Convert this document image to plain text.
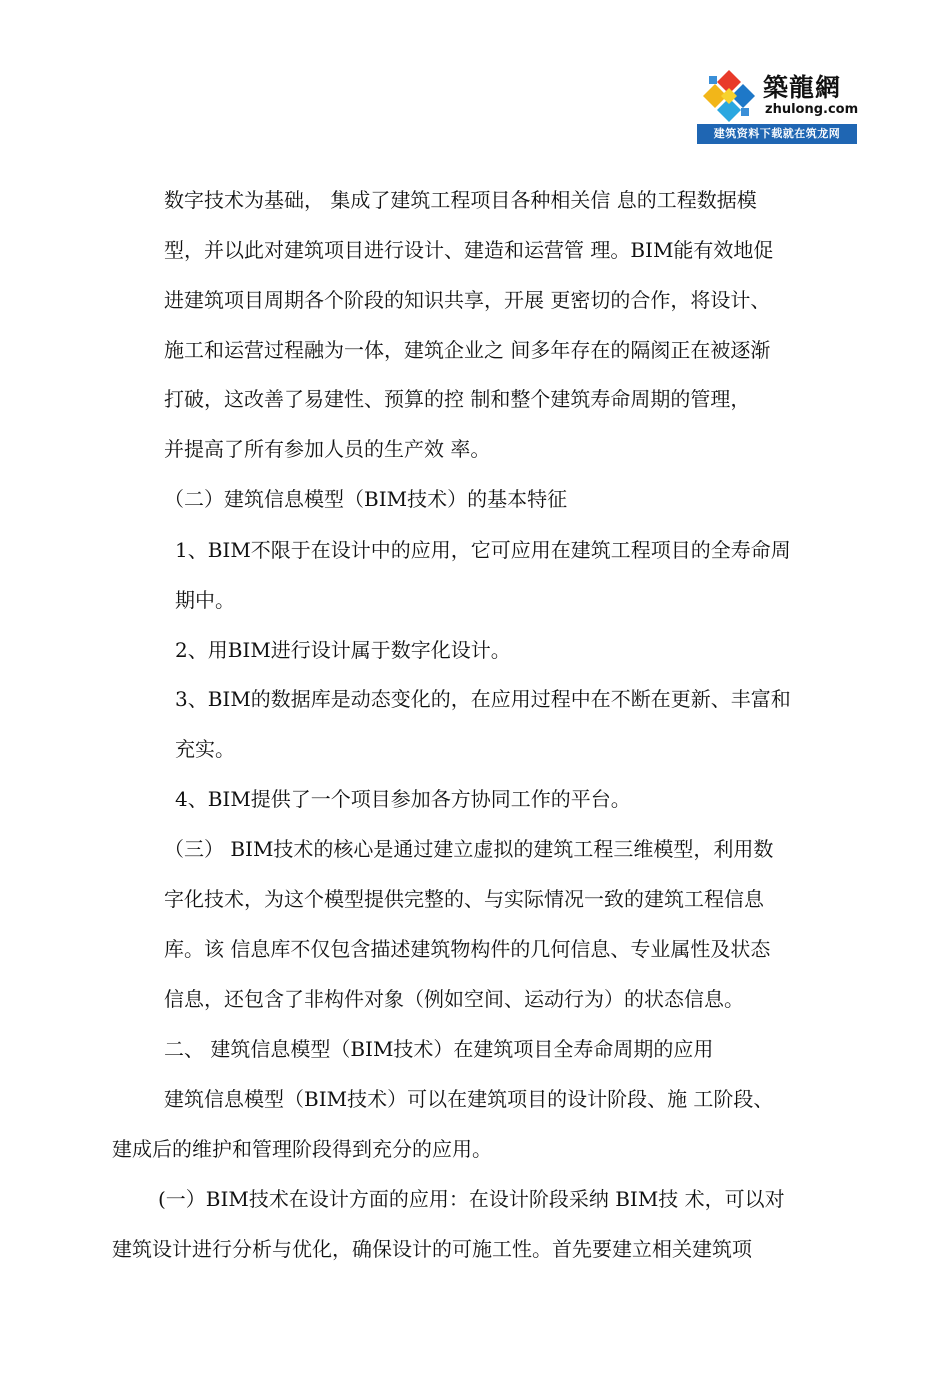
築龍網
zhulong.com
建筑资料下载就在筑龙网
数字技术为基础， 集成了建筑工程项目各种相关信 息的工程数据模
型，并以此对建筑项目进行设计、建造和运营管 理。BIM能有效地促
进建筑项目周期各个阶段的知识共享，开展 更密切的合作，将设计、
施工和运营过程融为一体，建筑企业之 间多年存在的隔阂正在被逐渐
打破，这改善了易建性、预算的控 制和整个建筑寿命周期的管理，
并提高了所有参加人员的生产效 率。
（二）建筑信息模型（BIM技术）的基本特征
1、BIM不限于在设计中的应用，它可应用在建筑工程项目的全寿命周
期中。
2、用BIM进行设计属于数字化设计。
3、BIM的数据库是动态变化的，在应用过程中在不断在更新、丰富和
充实。
4、BIM提供了一个项目参加各方协同工作的平台。
（三） BIM技术的核心是通过建立虚拟的建筑工程三维模型，利用数
字化技术，为这个模型提供完整的、与实际情况一致的建筑工程信息
库。该 信息库不仅包含描述建筑物构件的几何信息、专业属性及状态
信息，还包含了非构件对象（例如空间、运动行为）的状态信息。
二、 建筑信息模型（BIM技术）在建筑项目全寿命周期的应用
建筑信息模型（BIM技术）可以在建筑项目的设计阶段、施 工阶段、
建成后的维护和管理阶段得到充分的应用。
(一）BIM技术在设计方面的应用：在设计阶段采纳 BIM技 术，可以对
建筑设计进行分析与优化，确保设计的可施工性。首先要建立相关建筑项
